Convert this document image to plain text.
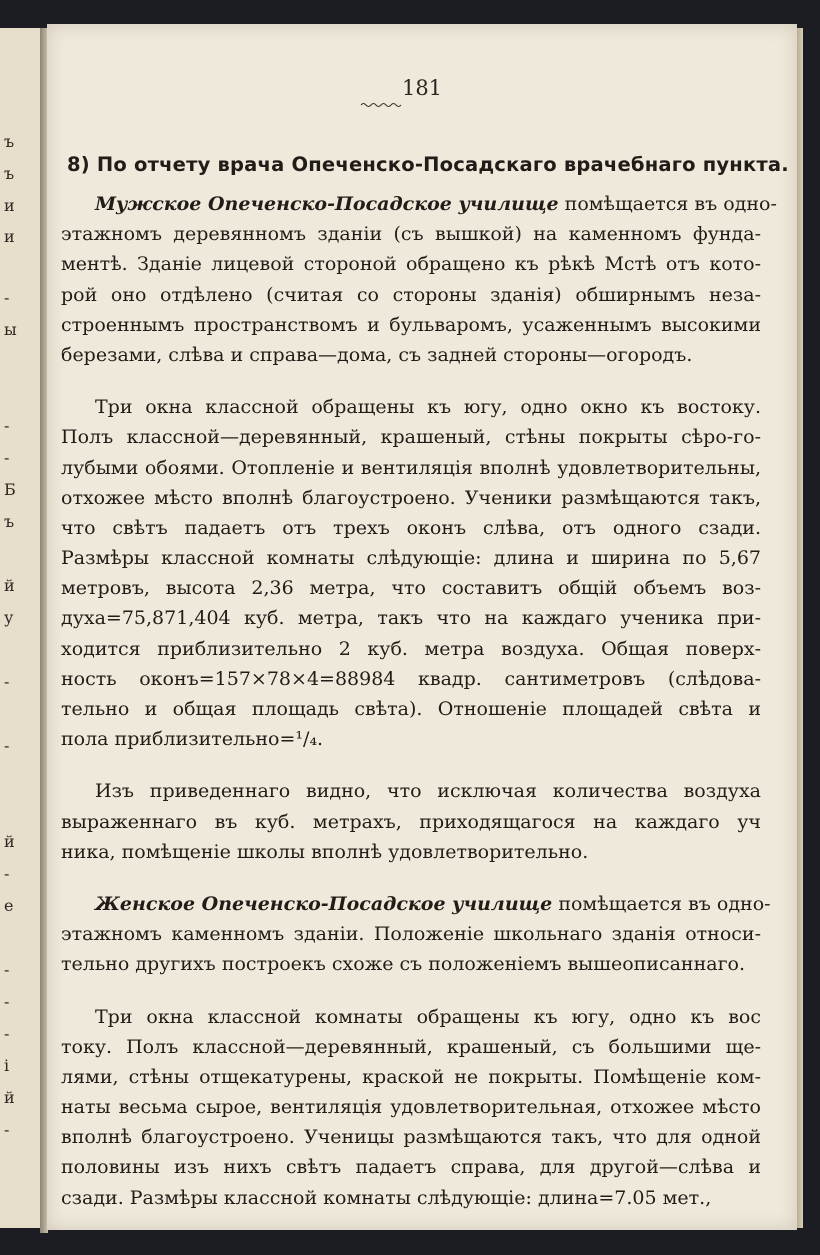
ъ
ъ
и
и
-
ы
-
-
Б
ъ
й
у
-
-
й
-
е
-
-
-
і
й
-
181
8) По отчету врача Опеченско-Посадскаго врачебнаго пункта.
Мужское Опеченско-Посадское училище помѣщается въ одно-
этажномъ деревянномъ зданіи (съ вышкой) на каменномъ фунда-
ментѣ. Зданіе лицевой стороной обращено къ рѣкѣ Мстѣ отъ кото-
рой оно отдѣлено (считая со стороны зданія) обширнымъ неза-
строеннымъ пространствомъ и бульваромъ, усаженнымъ высокими
березами, слѣва и справа—дома, съ задней стороны—огородъ.
Три окна классной обращены къ югу, одно окно къ востоку.
Полъ классной—деревянный, крашеный, стѣны покрыты сѣро-го-
лубыми обоями. Отопленіе и вентиляція вполнѣ удовлетворительны,
отхожее мѣсто вполнѣ благоустроено. Ученики размѣщаются такъ,
что свѣтъ падаетъ отъ трехъ оконъ слѣва, отъ одного сзади.
Размѣры классной комнаты слѣдующіе: длина и ширина по 5,67
метровъ, высота 2,36 метра, что составитъ общій объемъ воз-
духа=75,871,404 куб. метра, такъ что на каждаго ученика при-
ходится приблизительно 2 куб. метра воздуха. Общая поверх-
ность оконъ=157×78×4=88984 квадр. сантиметровъ (слѣдова-
тельно и общая площадь свѣта). Отношеніе площадей свѣта и
пола приблизительно=¹/₄.
Изъ приведеннаго видно, что исключая количества воздуха
выраженнаго въ куб. метрахъ, приходящагося на каждаго уч
ника, помѣщеніе школы вполнѣ удовлетворительно.
Женское Опеченско-Посадское училище помѣщается въ одно-
этажномъ каменномъ зданіи. Положеніе школьнаго зданія относи-
тельно другихъ построекъ схоже съ положеніемъ вышеописаннаго.
Три окна классной комнаты обращены къ югу, одно къ вос
току. Полъ классной—деревянный, крашеный, съ большими ще-
лями, стѣны отщекатурены, краской не покрыты. Помѣщеніе ком-
наты весьма сырое, вентиляція удовлетворительная, отхожее мѣсто
вполнѣ благоустроено. Ученицы размѣщаются такъ, что для одной
половины изъ нихъ свѣтъ падаетъ справа, для другой—слѣва и
сзади. Размѣры классной комнаты слѣдующіе: длина=7.05 мет.,
